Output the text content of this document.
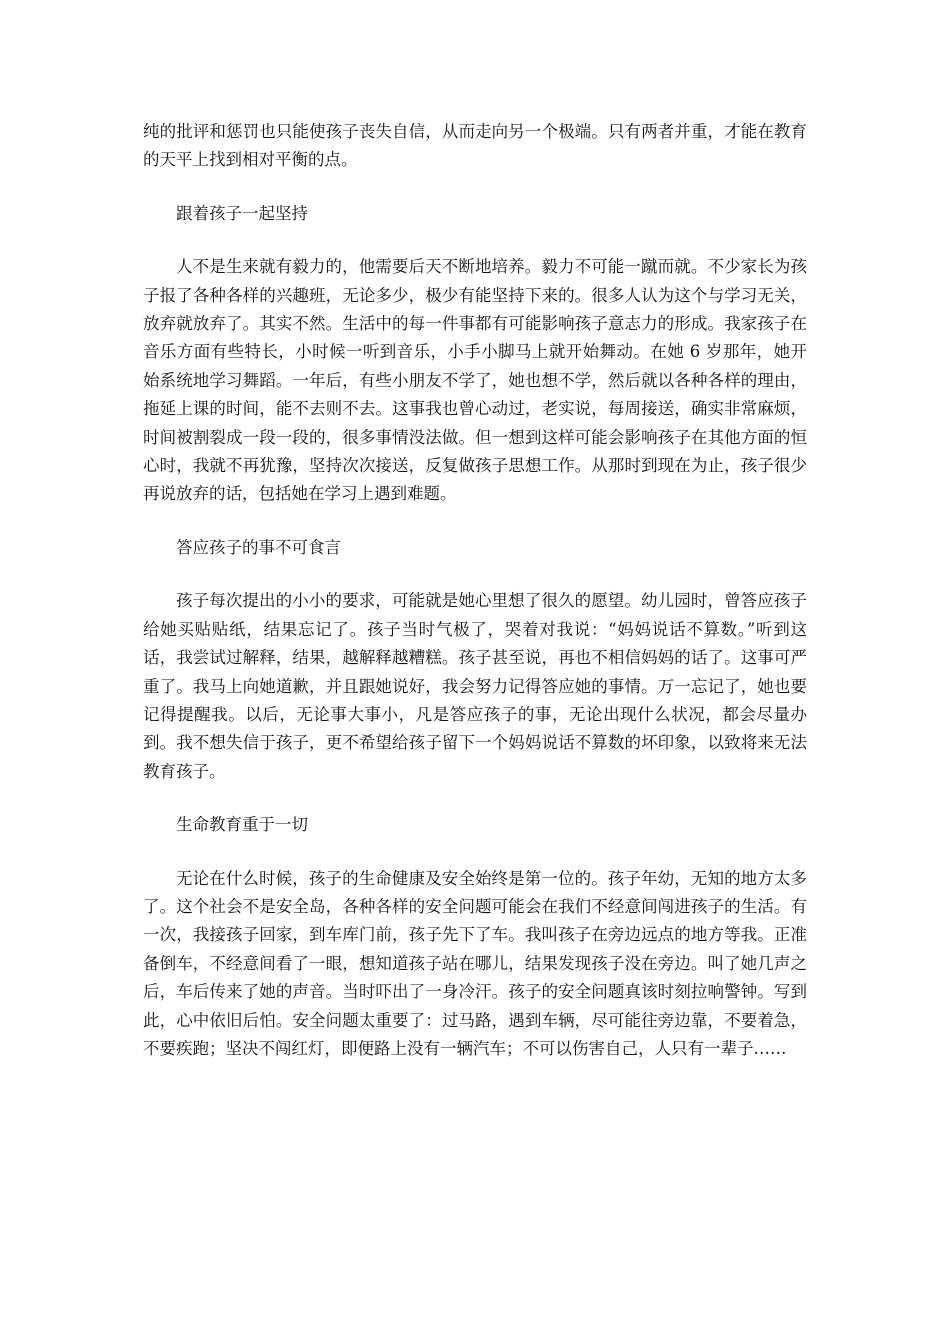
纯的批评和惩罚也只能使孩子丧失自信，从而走向另一个极端。只有两者并重，才能在教育的天平上找到相对平衡的点。

跟着孩子一起坚持

人不是生来就有毅力的，他需要后天不断地培养。毅力不可能一蹴而就。不少家长为孩子报了各种各样的兴趣班，无论多少，极少有能坚持下来的。很多人认为这个与学习无关，放弃就放弃了。其实不然。生活中的每一件事都有可能影响孩子意志力的形成。我家孩子在音乐方面有些特长，小时候一听到音乐，小手小脚马上就开始舞动。在她 6 岁那年，她开始系统地学习舞蹈。一年后，有些小朋友不学了，她也想不学，然后就以各种各样的理由，拖延上课的时间，能不去则不去。这事我也曾心动过，老实说，每周接送，确实非常麻烦，时间被割裂成一段一段的，很多事情没法做。但一想到这样可能会影响孩子在其他方面的恒心时，我就不再犹豫，坚持次次接送，反复做孩子思想工作。从那时到现在为止，孩子很少再说放弃的话，包括她在学习上遇到难题。

答应孩子的事不可食言

孩子每次提出的小小的要求，可能就是她心里想了很久的愿望。幼儿园时，曾答应孩子给她买贴贴纸，结果忘记了。孩子当时气极了，哭着对我说：“妈妈说话不算数。”听到这话，我尝试过解释，结果，越解释越糟糕。孩子甚至说，再也不相信妈妈的话了。这事可严重了。我马上向她道歉，并且跟她说好，我会努力记得答应她的事情。万一忘记了，她也要记得提醒我。以后，无论事大事小，凡是答应孩子的事，无论出现什么状况，都会尽量办到。我不想失信于孩子，更不希望给孩子留下一个妈妈说话不算数的坏印象，以致将来无法教育孩子。

生命教育重于一切

无论在什么时候，孩子的生命健康及安全始终是第一位的。孩子年幼，无知的地方太多了。这个社会不是安全岛，各种各样的安全问题可能会在我们不经意间闯进孩子的生活。有一次，我接孩子回家，到车库门前，孩子先下了车。我叫孩子在旁边远点的地方等我。正准备倒车，不经意间看了一眼，想知道孩子站在哪儿，结果发现孩子没在旁边。叫了她几声之后，车后传来了她的声音。当时吓出了一身冷汗。孩子的安全问题真该时刻拉响警钟。写到此，心中依旧后怕。安全问题太重要了：过马路，遇到车辆，尽可能往旁边靠，不要着急，不要疾跑；坚决不闯红灯，即便路上没有一辆汽车；不可以伤害自己，人只有一辈子……
